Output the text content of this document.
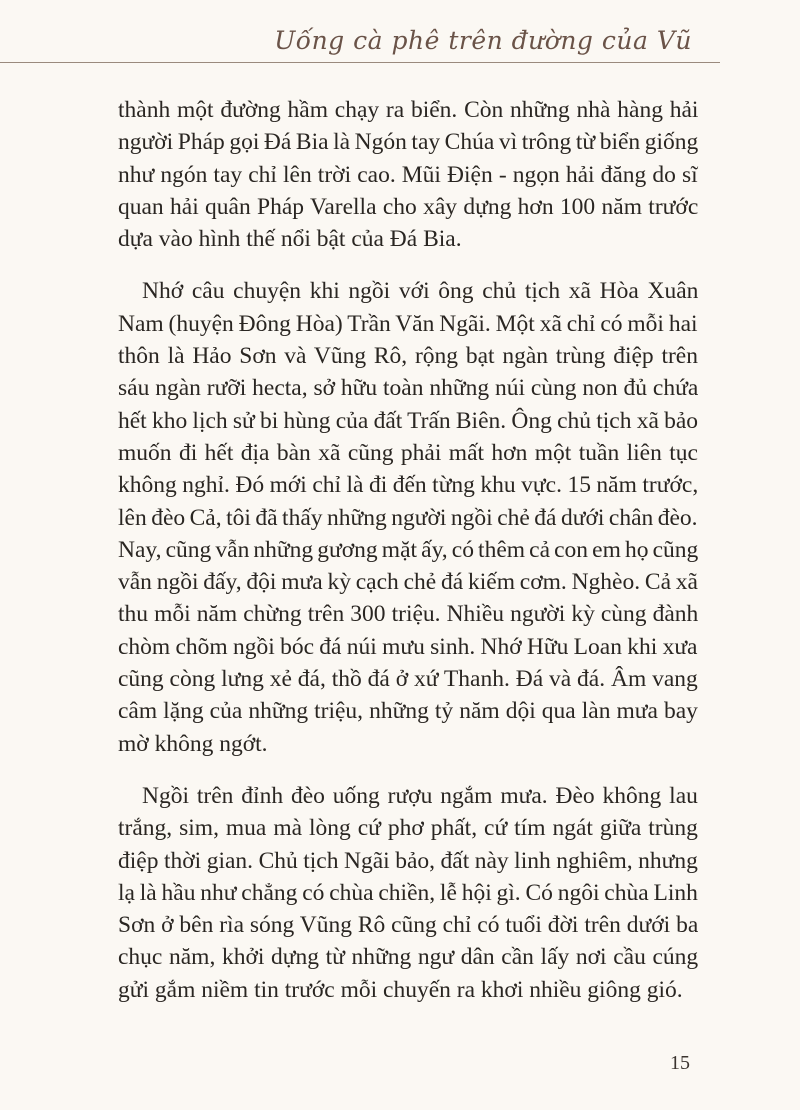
Uống cà phê trên đường của Vũ

thành một đường hầm chạy ra biển. Còn những nhà hàng hải
người Pháp gọi Đá Bia là Ngón tay Chúa vì trông từ biển giống
như ngón tay chỉ lên trời cao. Mũi Điện - ngọn hải đăng do sĩ
quan hải quân Pháp Varella cho xây dựng hơn 100 năm trước
dựa vào hình thế nổi bật của Đá Bia.

Nhớ câu chuyện khi ngồi với ông chủ tịch xã Hòa Xuân
Nam (huyện Đông Hòa) Trần Văn Ngãi. Một xã chỉ có mỗi hai
thôn là Hảo Sơn và Vũng Rô, rộng bạt ngàn trùng điệp trên
sáu ngàn rưỡi hecta, sở hữu toàn những núi cùng non đủ chứa
hết kho lịch sử bi hùng của đất Trấn Biên. Ông chủ tịch xã bảo
muốn đi hết địa bàn xã cũng phải mất hơn một tuần liên tục
không nghỉ. Đó mới chỉ là đi đến từng khu vực. 15 năm trước,
lên đèo Cả, tôi đã thấy những người ngồi chẻ đá dưới chân đèo.
Nay, cũng vẫn những gương mặt ấy, có thêm cả con em họ cũng
vẫn ngồi đấy, đội mưa kỳ cạch chẻ đá kiếm cơm. Nghèo. Cả xã
thu mỗi năm chừng trên 300 triệu. Nhiều người kỳ cùng đành
chòm chõm ngồi bóc đá núi mưu sinh. Nhớ Hữu Loan khi xưa
cũng còng lưng xẻ đá, thồ đá ở xứ Thanh. Đá và đá. Âm vang
câm lặng của những triệu, những tỷ năm dội qua làn mưa bay
mờ không ngớt.

Ngồi trên đỉnh đèo uống rượu ngắm mưa. Đèo không lau
trắng, sim, mua mà lòng cứ phơ phất, cứ tím ngát giữa trùng
điệp thời gian. Chủ tịch Ngãi bảo, đất này linh nghiêm, nhưng
lạ là hầu như chẳng có chùa chiền, lễ hội gì. Có ngôi chùa Linh
Sơn ở bên rìa sóng Vũng Rô cũng chỉ có tuổi đời trên dưới ba
chục năm, khởi dựng từ những ngư dân cần lấy nơi cầu cúng
gửi gắm niềm tin trước mỗi chuyến ra khơi nhiều giông gió.

15
